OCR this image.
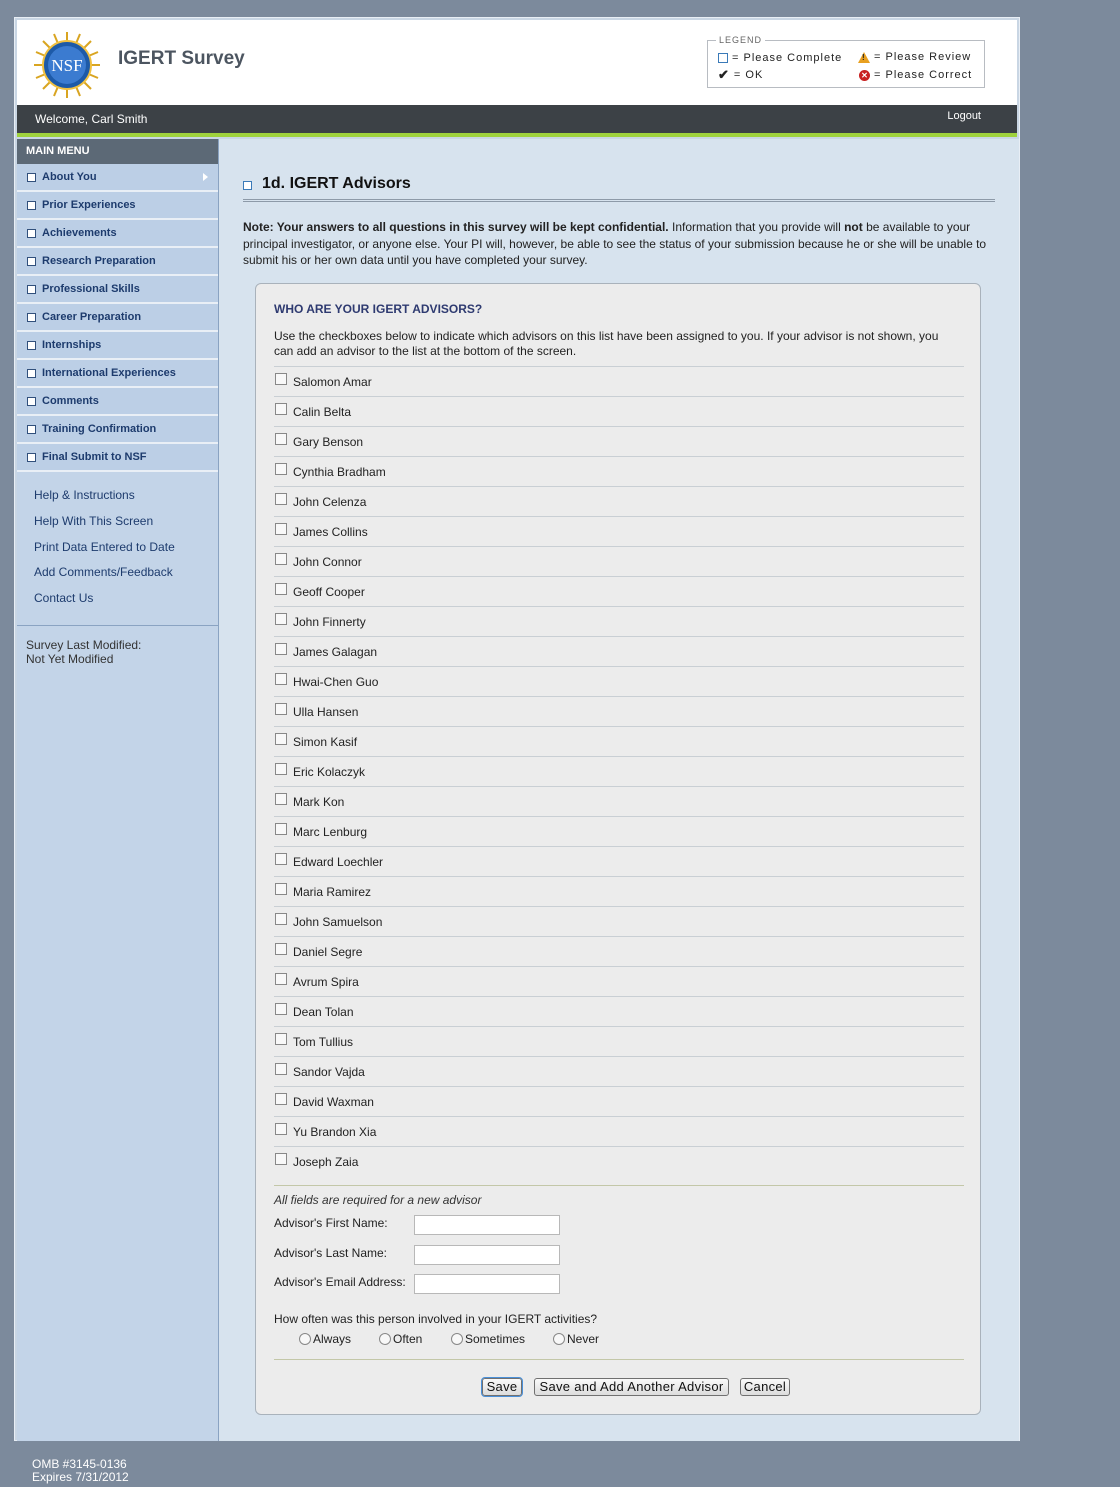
NSF IGERT Survey
LEGEND
= Please Complete
✔ = OK
!
= Please Review
✕ = Please Correct
Welcome, Carl Smith	Logout
MAIN MENU
About You
Prior Experiences
Achievements
Research Preparation
Professional Skills
Career Preparation
Internships
International Experiences
Comments
Training Confirmation
Final Submit to NSF
Help & Instructions
Help With This Screen
Print Data Entered to Date
Add Comments/Feedback
Contact Us
Survey Last Modified:
Not Yet Modified
1d. IGERT Advisors
Note: Your answers to all questions in this survey will be kept confidential. Information that you provide will not be available to your principal investigator, or anyone else. Your PI will, however, be able to see the status of your submission because he or she will be unable to submit his or her own data until you have completed your survey.
WHO ARE YOUR IGERT ADVISORS?
Use the checkboxes below to indicate which advisors on this list have been assigned to you. If your advisor is not shown, you can add an advisor to the list at the bottom of the screen.
Salomon Amar
Calin Belta
Gary Benson
Cynthia Bradham
John Celenza
James Collins
John Connor
Geoff Cooper
John Finnerty
James Galagan
Hwai-Chen Guo
Ulla Hansen
Simon Kasif
Eric Kolaczyk
Mark Kon
Marc Lenburg
Edward Loechler
Maria Ramirez
John Samuelson
Daniel Segre
Avrum Spira
Dean Tolan
Tom Tullius
Sandor Vajda
David Waxman
Yu Brandon Xia
Joseph Zaia
All fields are required for a new advisor
Advisor's First Name:
Advisor's Last Name:
Advisor's Email Address:
How often was this person involved in your IGERT activities?
Always	Often	Sometimes	Never
Save	Save and Add Another Advisor	Cancel
OMB #3145-0136
Expires 7/31/2012
